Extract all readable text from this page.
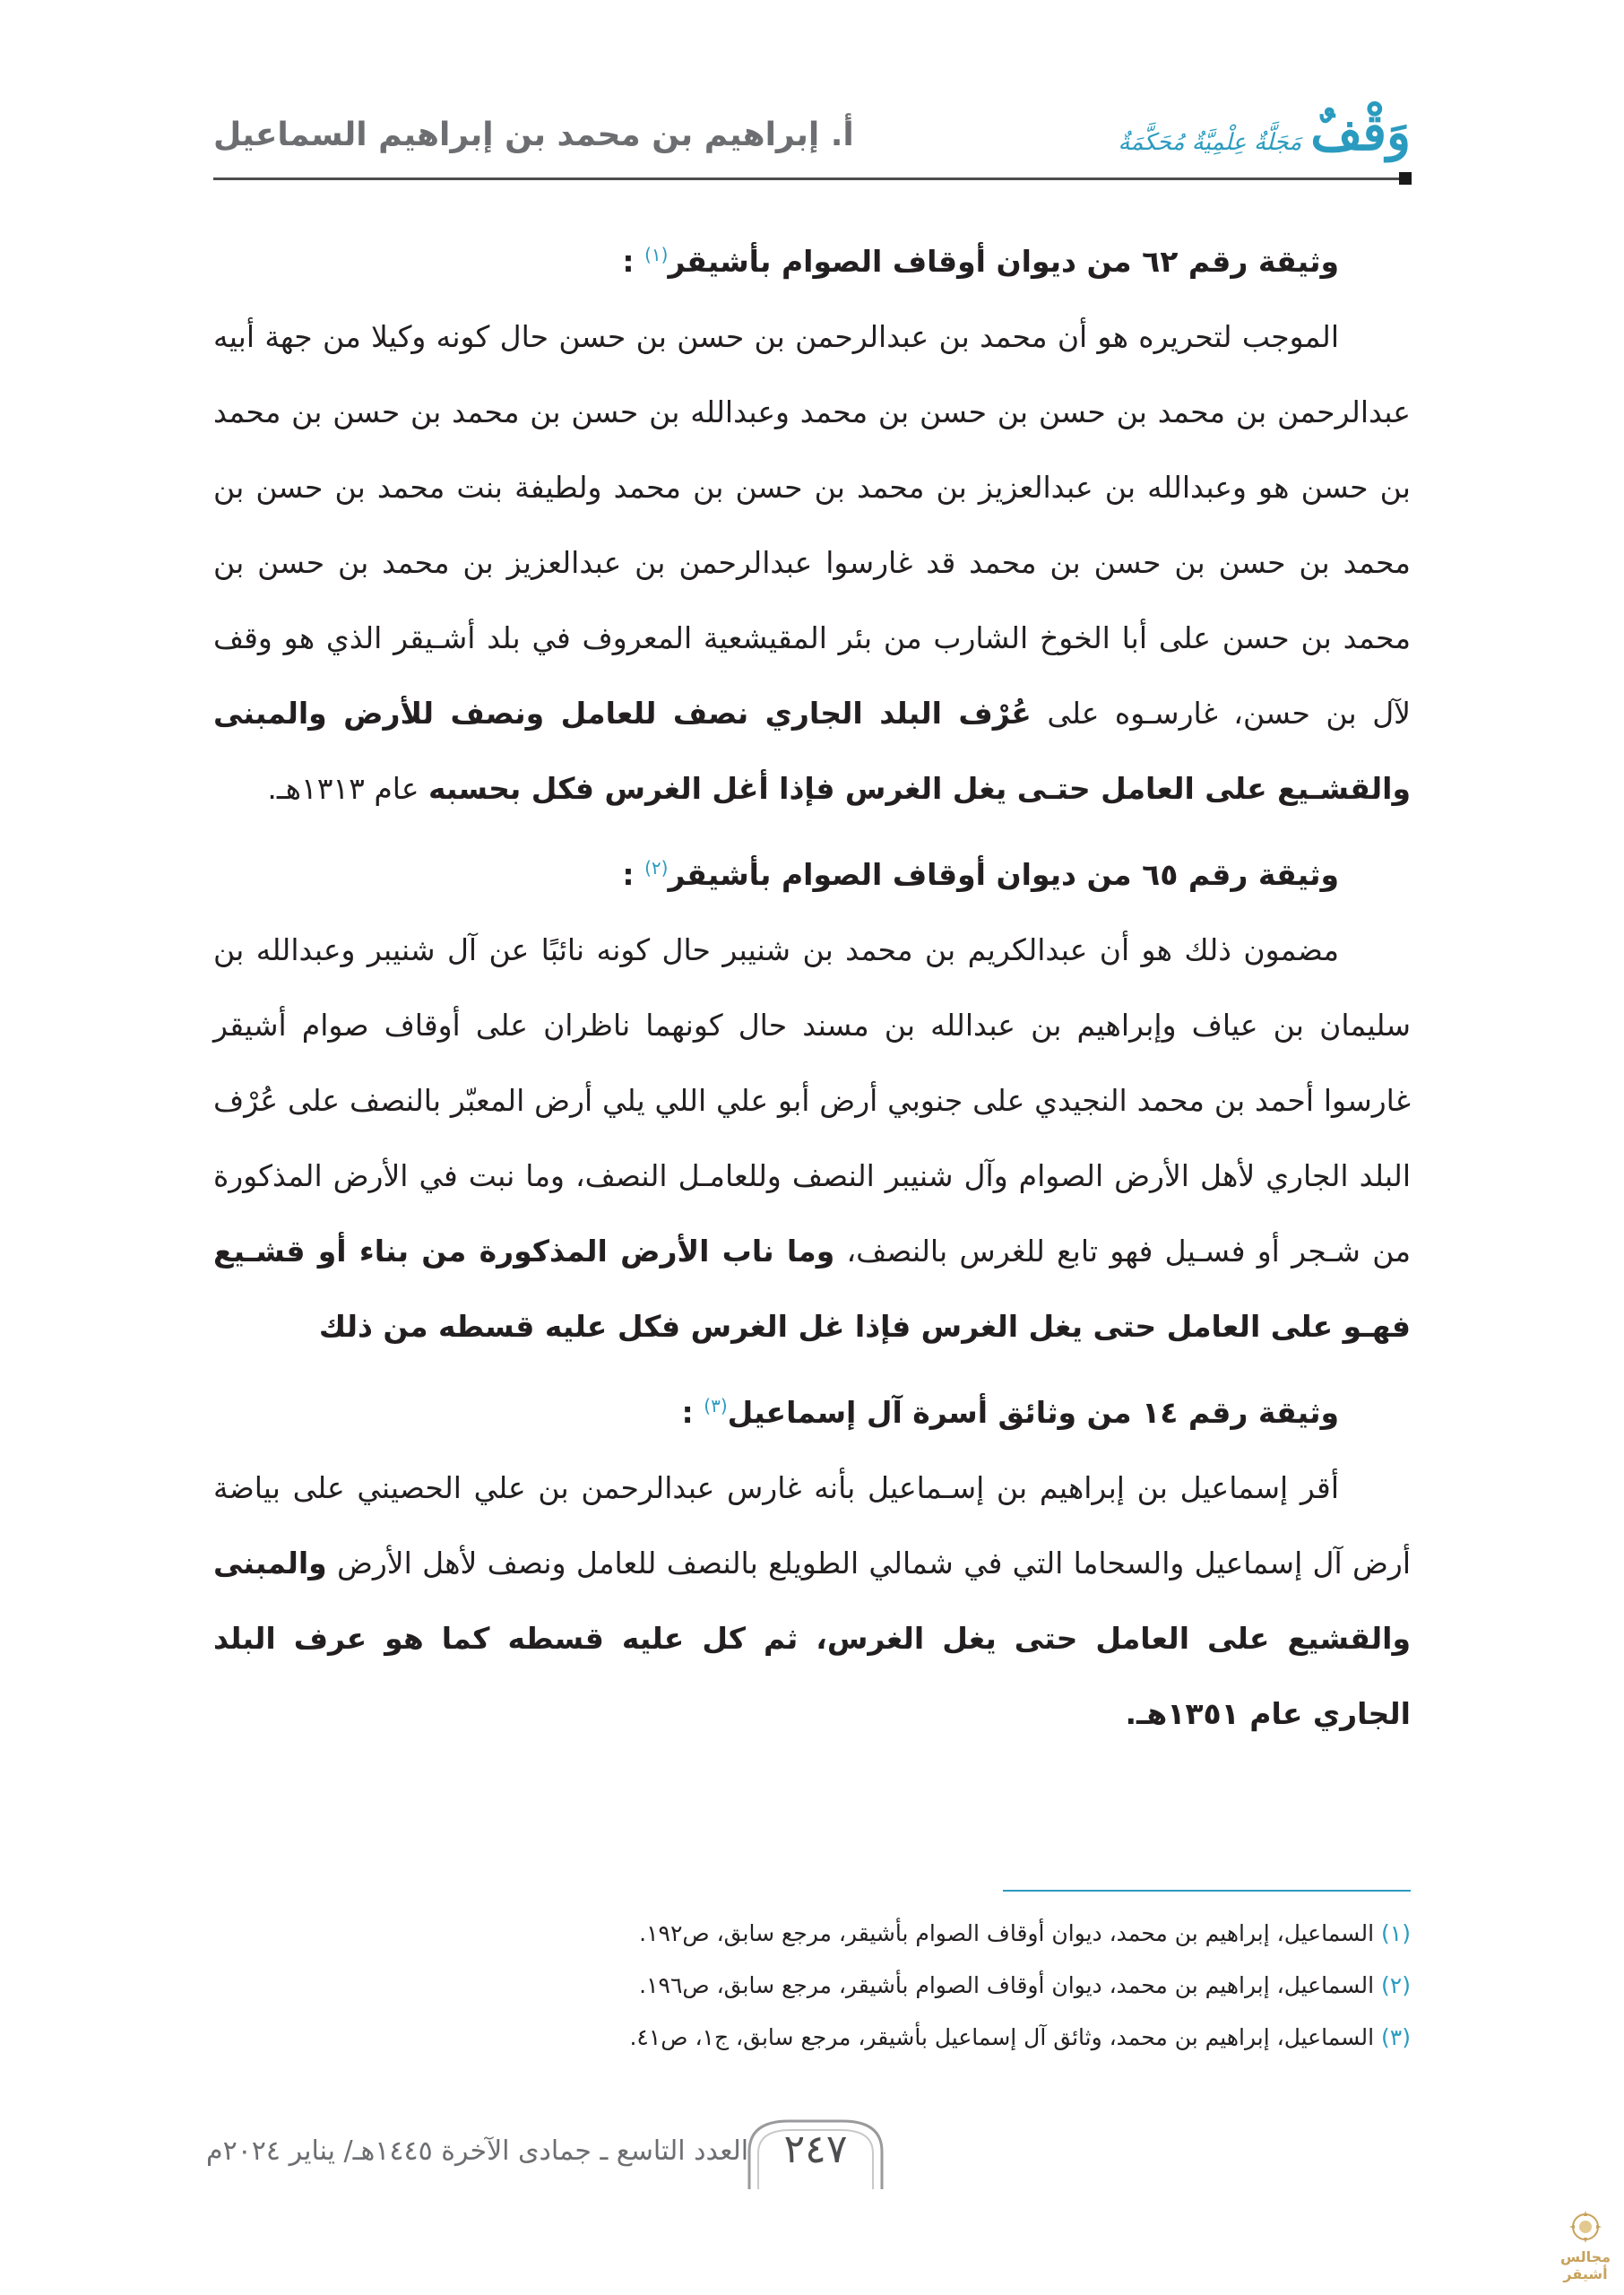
وَقْفٌ
مَجَلَّةٌ عِلْمِيَّةٌ مُحَكَّمَةٌ
أ. إبراهيم بن محمد بن إبراهيم السماعيل
وثيقة رقم ٦٢ من ديوان أوقاف الصوام بأشيقر$^{(١)}$ :

الموجب لتحريره هو أن محمد بن عبدالرحمن بن حسن بن حسن حال كونه وكيلا من جهة أبيه عبدالرحمن بن محمد بن حسن بن حسن بن محمد وعبدالله بن حسن بن محمد بن حسن بن محمد بن حسن هو وعبدالله بن عبدالعزيز بن محمد بن حسن بن محمد ولطيفة بنت محمد بن حسن بن محمد بن حسن بن حسن بن محمد قد غارسوا عبدالرحمن بن عبدالعزيز بن محمد بن حسن بن محمد بن حسن على أبا الخوخ الشارب من بئر المقيشعية المعروف في بلد أشـيقر الذي هو وقف لآل بن حسن، غارسـوه على عُرْف البلد الجاري نصف للعامل ونصف للأرض والمبنى والقشـيع على العامل حتـى يغل الغرس فإذا أغل الغرس فكل بحسبه عام ١٣١٣هـ.

وثيقة رقم ٦٥ من ديوان أوقاف الصوام بأشيقر$^{(٢)}$ :

مضمون ذلك هو أن عبدالكريم بن محمد بن شنيبر حال كونه نائبًا عن آل شنيبر وعبدالله بن سليمان بن عياف وإبراهيم بن عبدالله بن مسند حال كونهما ناظران على أوقاف صوام أشيقر غارسوا أحمد بن محمد النجيدي على جنوبي أرض أبو علي اللي يلي أرض المعبّر بالنصف على عُرْف البلد الجاري لأهل الأرض الصوام وآل شنيبر النصف وللعامـل النصف، وما نبت في الأرض المذكورة من شـجر أو فسـيل فهو تابع للغرس بالنصف، وما ناب الأرض المذكورة من بناء أو قشـيع فهـو على العامل حتى يغل الغرس فإذا غل الغرس فكل عليه قسطه من ذلك

وثيقة رقم ١٤ من وثائق أسرة آل إسماعيل$^{(٣)}$ :

أقر إسماعيل بن إبراهيم بن إسـماعيل بأنه غارس عبدالرحمن بن علي الحصيني على بياضة أرض آل إسماعيل والسحاما التي في شمالي الطويلع بالنصف للعامل ونصف لأهل الأرض والمبنى والقشيع على العامل حتى يغل الغرس، ثم كل عليه قسطه كما هو عرف البلد الجاري عام ١٣٥١هـ.

(١)السماعيل، إبراهيم بن محمد، ديوان أوقاف الصوام بأشيقر، مرجع سابق، ص١٩٢.
(٢)السماعيل، إبراهيم بن محمد، ديوان أوقاف الصوام بأشيقر، مرجع سابق، ص١٩٦.
(٣)السماعيل، إبراهيم بن محمد، وثائق آل إسماعيل بأشيقر، مرجع سابق، ج١، ص٤١.
العدد التاسع ـ جمادى الآخرة ١٤٤٥هـ/ يناير ٢٠٢٤م ٢٤٧
مجالس أشيقر
